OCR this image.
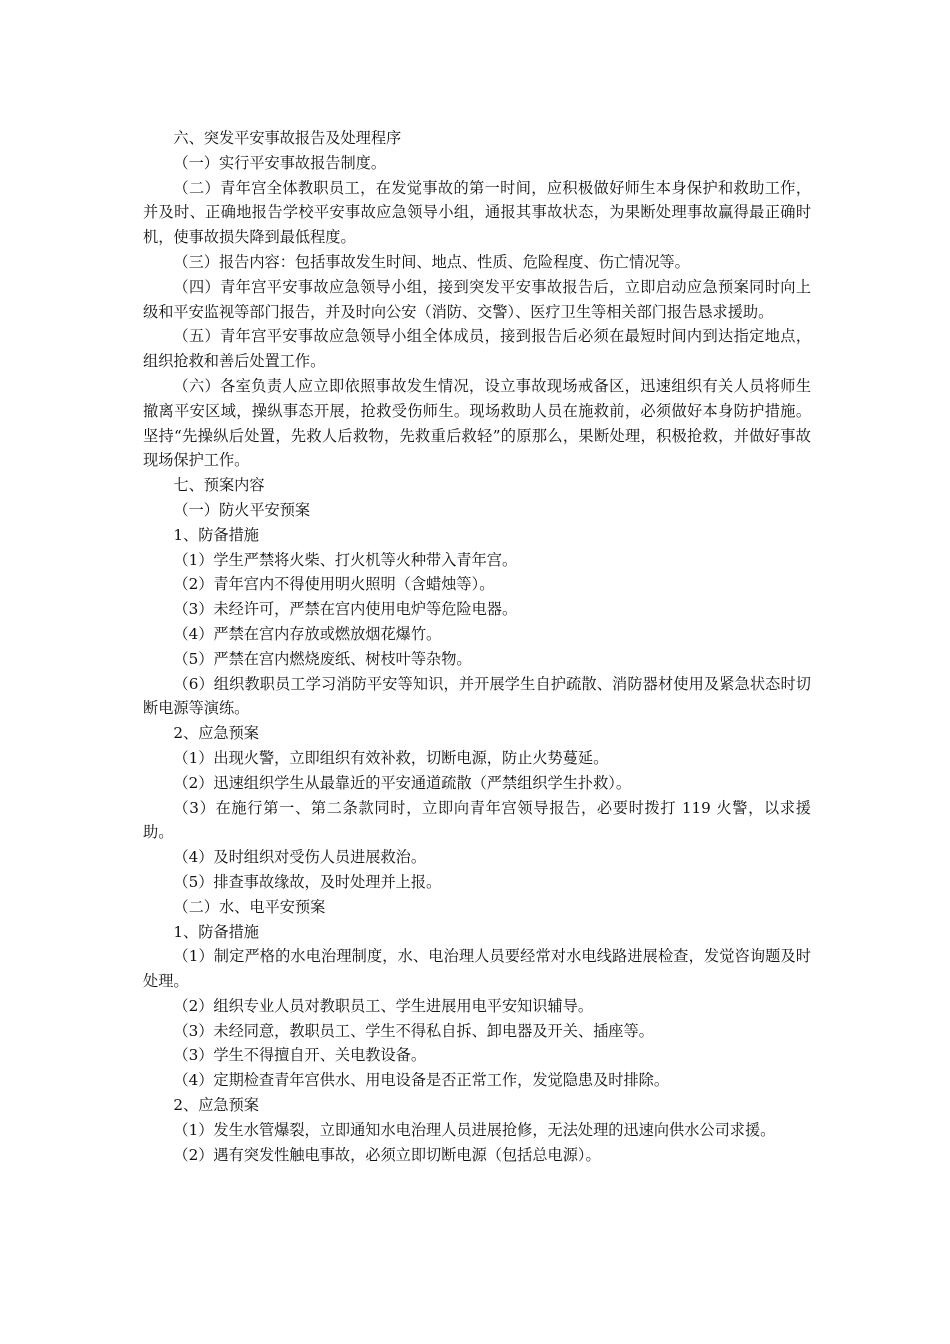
六、突发平安事故报告及处理程序

（一）实行平安事故报告制度。

（二）青年宫全体教职员工，在发觉事故的第一时间，应积极做好师生本身保护和救助工作，并及时、正确地报告学校平安事故应急领导小组，通报其事故状态，为果断处理事故赢得最正确时机，使事故损失降到最低程度。

（三）报告内容：包括事故发生时间、地点、性质、危险程度、伤亡情况等。

（四）青年宫平安事故应急领导小组，接到突发平安事故报告后，立即启动应急预案同时向上级和平安监视等部门报告，并及时向公安（消防、交警）、医疗卫生等相关部门报告恳求援助。

（五）青年宫平安事故应急领导小组全体成员，接到报告后必须在最短时间内到达指定地点，组织抢救和善后处置工作。

（六）各室负责人应立即依照事故发生情况，设立事故现场戒备区，迅速组织有关人员将师生撤离平安区域，操纵事态开展，抢救受伤师生。现场救助人员在施救前，必须做好本身防护措施。坚持“先操纵后处置，先救人后救物，先救重后救轻”的原那么，果断处理，积极抢救，并做好事故现场保护工作。

七、预案内容

（一）防火平安预案

1、防备措施

（1）学生严禁将火柴、打火机等火种带入青年宫。

（2）青年宫内不得使用明火照明（含蜡烛等）。

（3）未经许可，严禁在宫内使用电炉等危险电器。

（4）严禁在宫内存放或燃放烟花爆竹。

（5）严禁在宫内燃烧废纸、树枝叶等杂物。

（6）组织教职员工学习消防平安等知识，并开展学生自护疏散、消防器材使用及紧急状态时切断电源等演练。

2、应急预案

（1）出现火警，立即组织有效补救，切断电源，防止火势蔓延。

（2）迅速组织学生从最靠近的平安通道疏散（严禁组织学生扑救）。

（3）在施行第一、第二条款同时，立即向青年宫领导报告，必要时拨打 119 火警，以求援助。

（4）及时组织对受伤人员进展救治。

（5）排查事故缘故，及时处理并上报。

（二）水、电平安预案

1、防备措施

（1）制定严格的水电治理制度，水、电治理人员要经常对水电线路进展检查，发觉咨询题及时处理。

（2）组织专业人员对教职员工、学生进展用电平安知识辅导。

（3）未经同意，教职员工、学生不得私自拆、卸电器及开关、插座等。

（3）学生不得擅自开、关电教设备。

（4）定期检查青年宫供水、用电设备是否正常工作，发觉隐患及时排除。

2、应急预案

（1）发生水管爆裂，立即通知水电治理人员进展抢修，无法处理的迅速向供水公司求援。

（2）遇有突发性触电事故，必须立即切断电源（包括总电源）。
